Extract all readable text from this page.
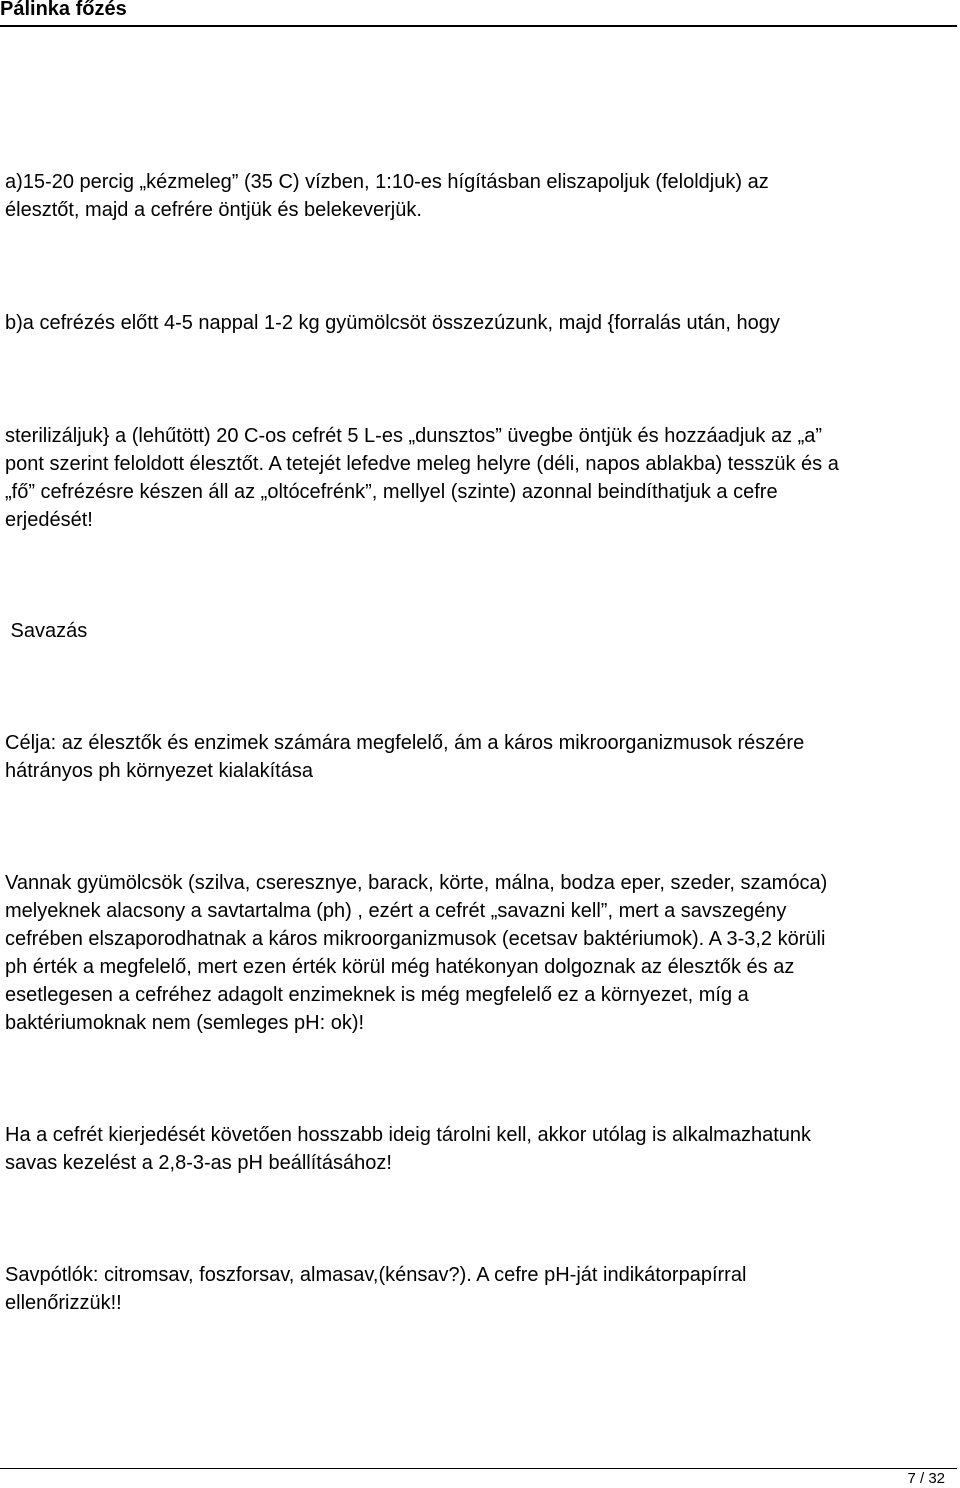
Pálinka főzés
a)15-20 percig „kézmeleg” (35 C) vízben, 1:10-es hígításban eliszapoljuk (feloldjuk) az
élesztőt, majd a cefrére öntjük és belekeverjük.
b)a cefrézés előtt 4-5 nappal 1-2 kg gyümölcsöt összezúzunk, majd {forralás után, hogy
sterilizáljuk} a (lehűtött) 20 C-os cefrét 5 L-es „dunsztos” üvegbe öntjük és hozzáadjuk az „a”
pont szerint feloldott élesztőt. A tetejét lefedve meleg helyre (déli, napos ablakba) tesszük és a
„fő” cefrézésre készen áll az „oltócefrénk”, mellyel (szinte) azonnal beindíthatjuk a cefre
erjedését!
Savazás
Célja: az élesztők és enzimek számára megfelelő, ám a káros mikroorganizmusok részére
hátrányos ph környezet kialakítása
Vannak gyümölcsök (szilva, cseresznye, barack, körte, málna, bodza eper, szeder, szamóca)
melyeknek alacsony a savtartalma (ph) , ezért a cefrét „savazni kell”, mert a savszegény
cefrében elszaporodhatnak a káros mikroorganizmusok (ecetsav baktériumok). A 3-3,2 körüli
ph érték a megfelelő, mert ezen érték körül még hatékonyan dolgoznak az élesztők és az
esetlegesen a cefréhez adagolt enzimeknek is még megfelelő ez a környezet, míg a
baktériumoknak nem (semleges pH: ok)!
Ha a cefrét kierjedését követően hosszabb ideig tárolni kell, akkor utólag is alkalmazhatunk
savas kezelést a 2,8-3-as pH beállításához!
Savpótlók: citromsav, foszforsav, almasav,(kénsav?). A cefre pH-ját indikátorpapírral
ellenőrizzük!!
7 / 32
